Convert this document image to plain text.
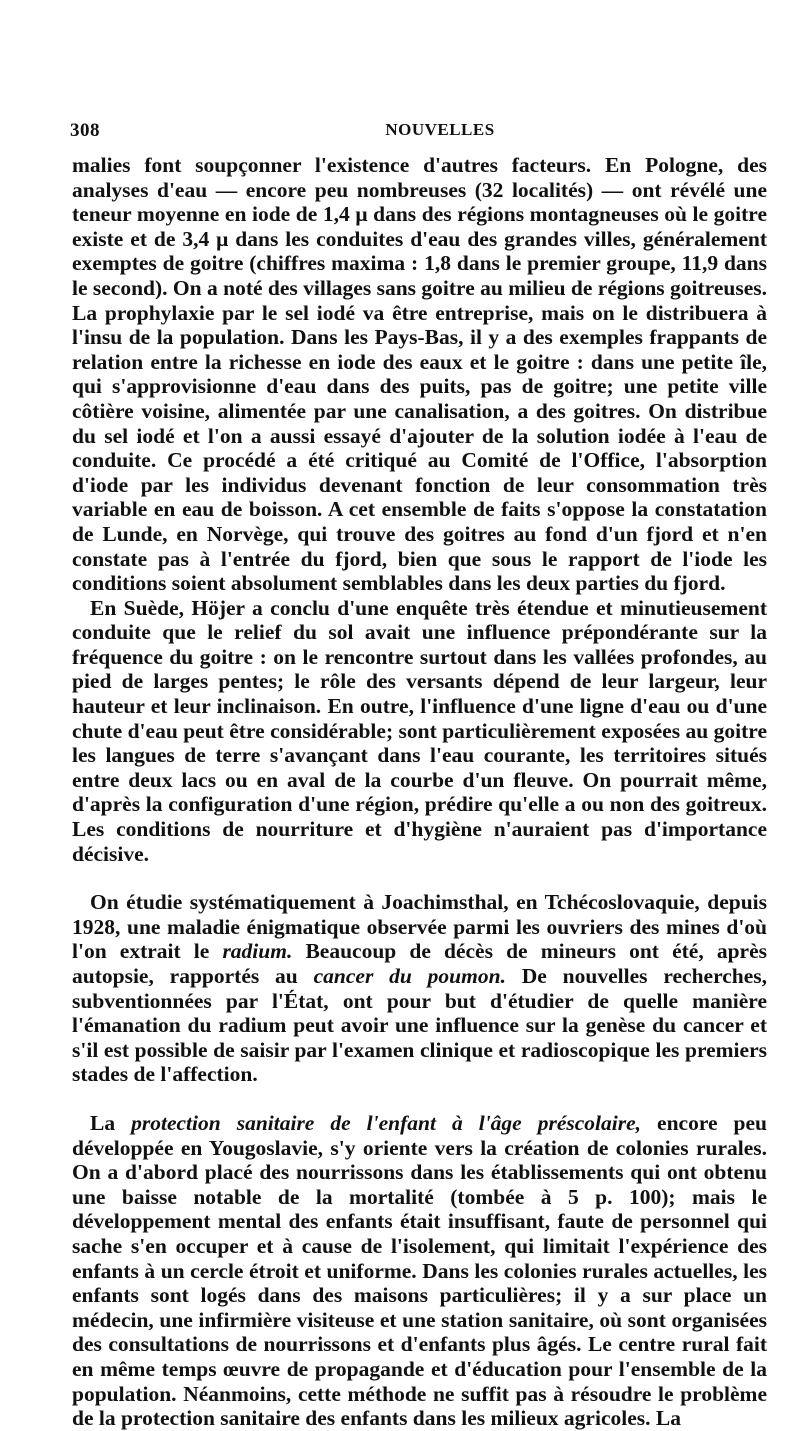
308	NOUVELLES

malies font soupçonner l'existence d'autres facteurs. En Pologne, des analyses d'eau — encore peu nombreuses (32 localités) — ont révélé une teneur moyenne en iode de 1,4 μ dans des régions montagneuses où le goitre existe et de 3,4 μ dans les conduites d'eau des grandes villes, généralement exemptes de goitre (chiffres maxima : 1,8 dans le premier groupe, 11,9 dans le second). On a noté des villages sans goitre au milieu de régions goitreuses. La prophylaxie par le sel iodé va être entreprise, mais on le distribuera à l'insu de la population. Dans les Pays-Bas, il y a des exemples frappants de relation entre la richesse en iode des eaux et le goitre : dans une petite île, qui s'approvisionne d'eau dans des puits, pas de goitre; une petite ville côtière voisine, alimentée par une canalisation, a des goitres. On distribue du sel iodé et l'on a aussi essayé d'ajouter de la solution iodée à l'eau de conduite. Ce procédé a été critiqué au Comité de l'Office, l'absorption d'iode par les individus devenant fonction de leur consommation très variable en eau de boisson. A cet ensemble de faits s'oppose la constatation de Lunde, en Norvège, qui trouve des goitres au fond d'un fjord et n'en constate pas à l'entrée du fjord, bien que sous le rapport de l'iode les conditions soient absolument semblables dans les deux parties du fjord.

En Suède, Höjer a conclu d'une enquête très étendue et minutieusement conduite que le relief du sol avait une influence prépondérante sur la fréquence du goitre : on le rencontre surtout dans les vallées profondes, au pied de larges pentes; le rôle des versants dépend de leur largeur, leur hauteur et leur inclinaison. En outre, l'influence d'une ligne d'eau ou d'une chute d'eau peut être considérable; sont particulièrement exposées au goitre les langues de terre s'avançant dans l'eau courante, les territoires situés entre deux lacs ou en aval de la courbe d'un fleuve. On pourrait même, d'après la configuration d'une région, prédire qu'elle a ou non des goitreux. Les conditions de nourriture et d'hygiène n'auraient pas d'importance décisive.

On étudie systématiquement à Joachimsthal, en Tchécoslovaquie, depuis 1928, une maladie énigmatique observée parmi les ouvriers des mines d'où l'on extrait le radium. Beaucoup de décès de mineurs ont été, après autopsie, rapportés au cancer du poumon. De nouvelles recherches, subventionnées par l'État, ont pour but d'étudier de quelle manière l'émanation du radium peut avoir une influence sur la genèse du cancer et s'il est possible de saisir par l'examen clinique et radioscopique les premiers stades de l'affection.

La protection sanitaire de l'enfant à l'âge préscolaire, encore peu développée en Yougoslavie, s'y oriente vers la création de colonies rurales. On a d'abord placé des nourrissons dans les établissements qui ont obtenu une baisse notable de la mortalité (tombée à 5 p. 100); mais le développement mental des enfants était insuffisant, faute de personnel qui sache s'en occuper et à cause de l'isolement, qui limitait l'expérience des enfants à un cercle étroit et uniforme. Dans les colonies rurales actuelles, les enfants sont logés dans des maisons particulières; il y a sur place un médecin, une infirmière visiteuse et une station sanitaire, où sont organisées des consultations de nourrissons et d'enfants plus âgés. Le centre rural fait en même temps œuvre de propagande et d'éducation pour l'ensemble de la population. Néanmoins, cette méthode ne suffit pas à résoudre le problème de la protection sanitaire des enfants dans les milieux agricoles. La
